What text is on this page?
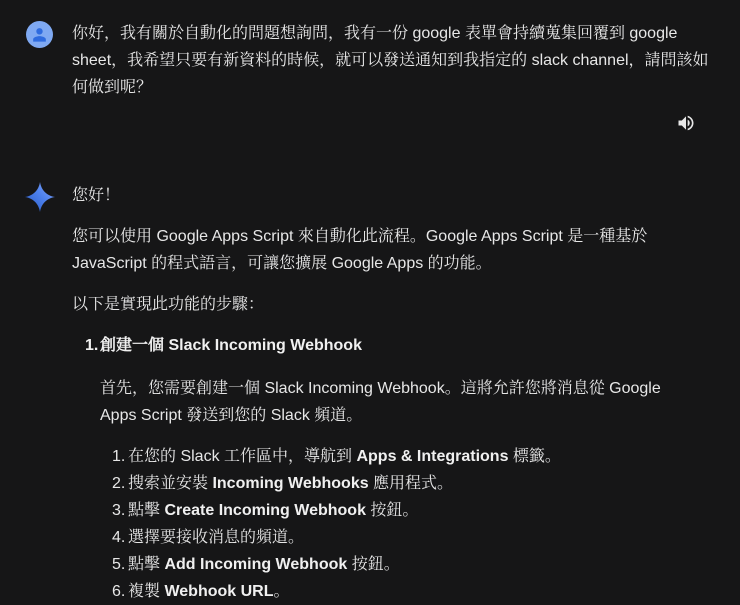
你好，我有關於自動化的問題想詢問，我有一份 google 表單會持續蒐集回覆到 google
sheet，我希望只要有新資料的時候，就可以發送通知到我指定的 slack channel，請問該如
何做到呢？
您好！
您可以使用 Google Apps Script 來自動化此流程。Google Apps Script 是一種基於
JavaScript 的程式語言，可讓您擴展 Google Apps 的功能。
以下是實現此功能的步驟：
1. 創建一個 Slack Incoming Webhook
首先，您需要創建一個 Slack Incoming Webhook。這將允許您將消息從 Google
Apps Script 發送到您的 Slack 頻道。
1. 在您的 Slack 工作區中，導航到 Apps & Integrations 標籤。
2. 搜索並安裝 Incoming Webhooks 應用程式。
3. 點擊 Create Incoming Webhook 按鈕。
4. 選擇要接收消息的頻道。
5. 點擊 Add Incoming Webhook 按鈕。
6. 複製 Webhook URL。
